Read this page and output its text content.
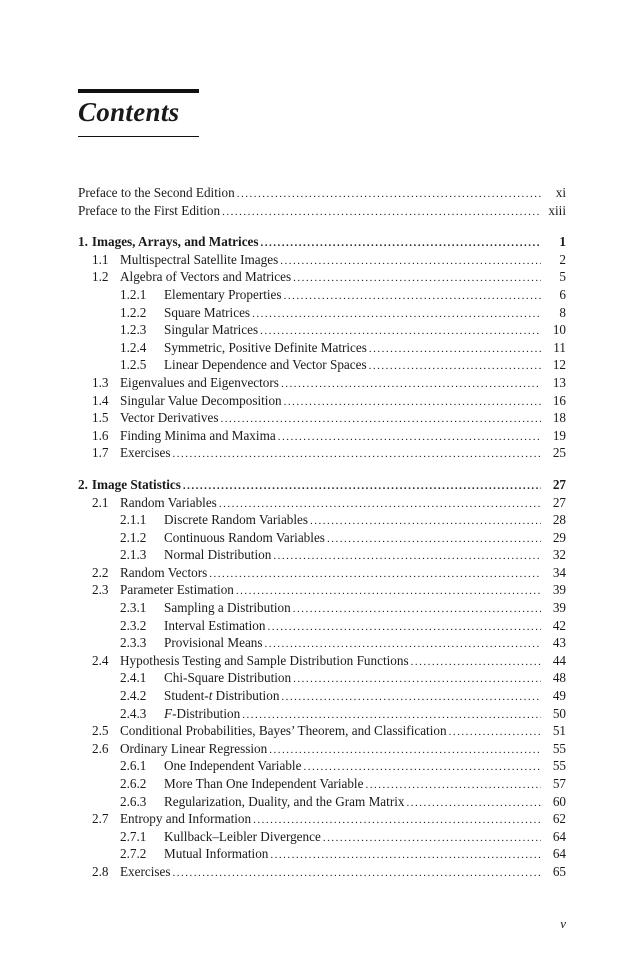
Contents
Preface to the Second Edition .....	xi
Preface to the First Edition .....	xiii
1. Images, Arrays, and Matrices .....	1
1.1 Multispectral Satellite Images .....	2
1.2 Algebra of Vectors and Matrices .....	5
1.2.1	Elementary Properties .....	6
1.2.2	Square Matrices .....	8
1.2.3	Singular Matrices .....	10
1.2.4	Symmetric, Positive Definite Matrices .....	11
1.2.5	Linear Dependence and Vector Spaces .....	12
1.3 Eigenvalues and Eigenvectors .....	13
1.4 Singular Value Decomposition .....	16
1.5 Vector Derivatives .....	18
1.6 Finding Minima and Maxima .....	19
1.7 Exercises .....	25
2. Image Statistics .....	27
2.1 Random Variables .....	27
2.1.1	Discrete Random Variables .....	28
2.1.2	Continuous Random Variables .....	29
2.1.3	Normal Distribution .....	32
2.2 Random Vectors .....	34
2.3 Parameter Estimation .....	39
2.3.1	Sampling a Distribution .....	39
2.3.2	Interval Estimation .....	42
2.3.3	Provisional Means .....	43
2.4 Hypothesis Testing and Sample Distribution Functions .....	44
2.4.1	Chi-Square Distribution .....	48
2.4.2	Student-t Distribution .....	49
2.4.3	F-Distribution .....	50
2.5 Conditional Probabilities, Bayes’ Theorem, and Classification .....	51
2.6 Ordinary Linear Regression .....	55
2.6.1	One Independent Variable .....	55
2.6.2	More Than One Independent Variable .....	57
2.6.3	Regularization, Duality, and the Gram Matrix .....	60
2.7 Entropy and Information .....	62
2.7.1	Kullback–Leibler Divergence .....	64
2.7.2	Mutual Information .....	64
2.8 Exercises .....	65
v
